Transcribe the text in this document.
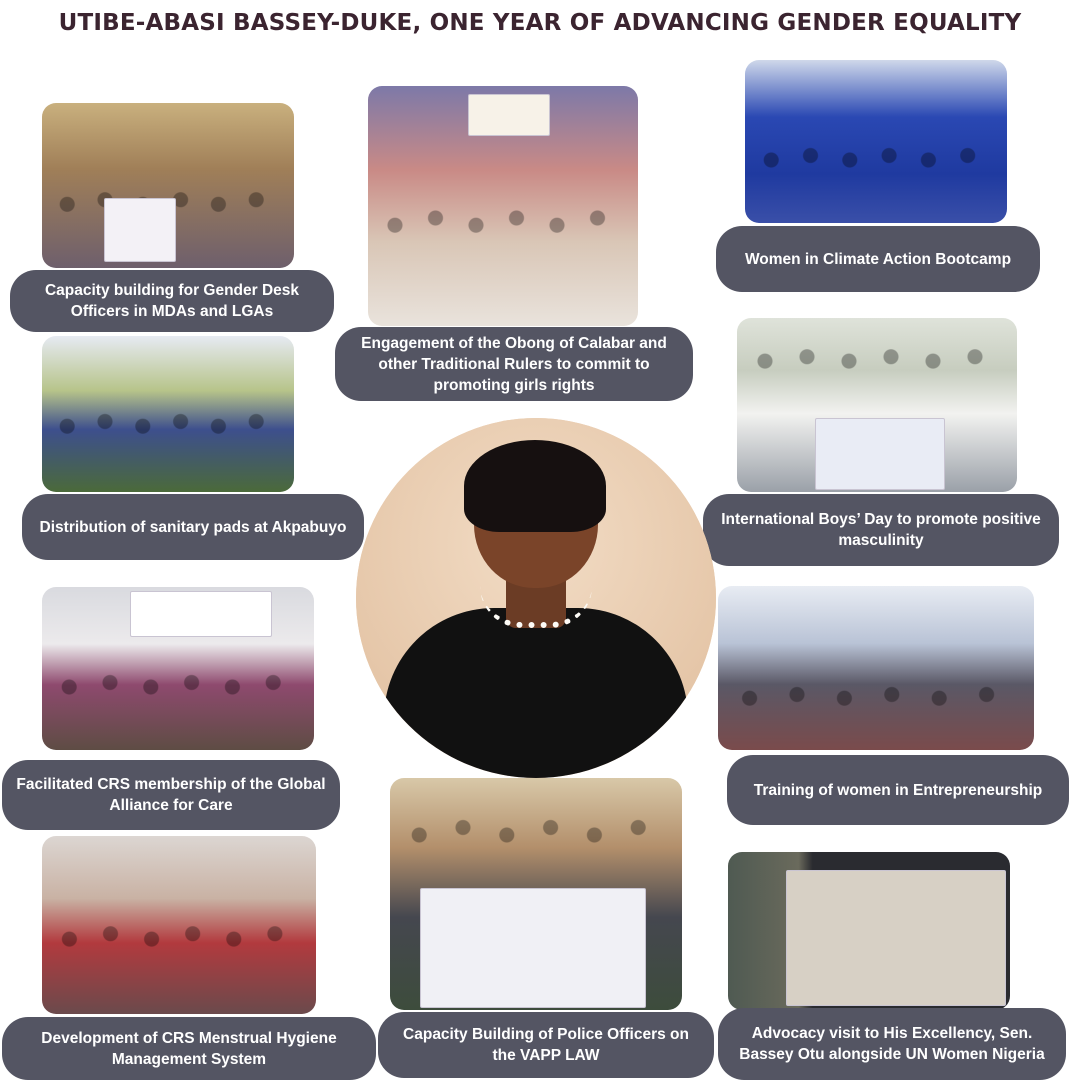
UTIBE-ABASI BASSEY-DUKE, ONE YEAR OF ADVANCING GENDER EQUALITY
Capacity building for Gender Desk Officers in MDAs and LGAs
Engagement of the Obong of Calabar and other Traditional Rulers to commit to promoting girls rights
Women in Climate Action Bootcamp
Distribution of sanitary pads at Akpabuyo	International Boys’ Day to promote positive masculinity
Facilitated CRS membership of the Global Alliance for Care
Training of women in Entrepreneurship
Development of CRS Menstrual Hygiene Management System
Capacity Building of Police Officers on the VAPP LAW
Advocacy visit to His Excellency, Sen. Bassey Otu alongside UN Women Nigeria
